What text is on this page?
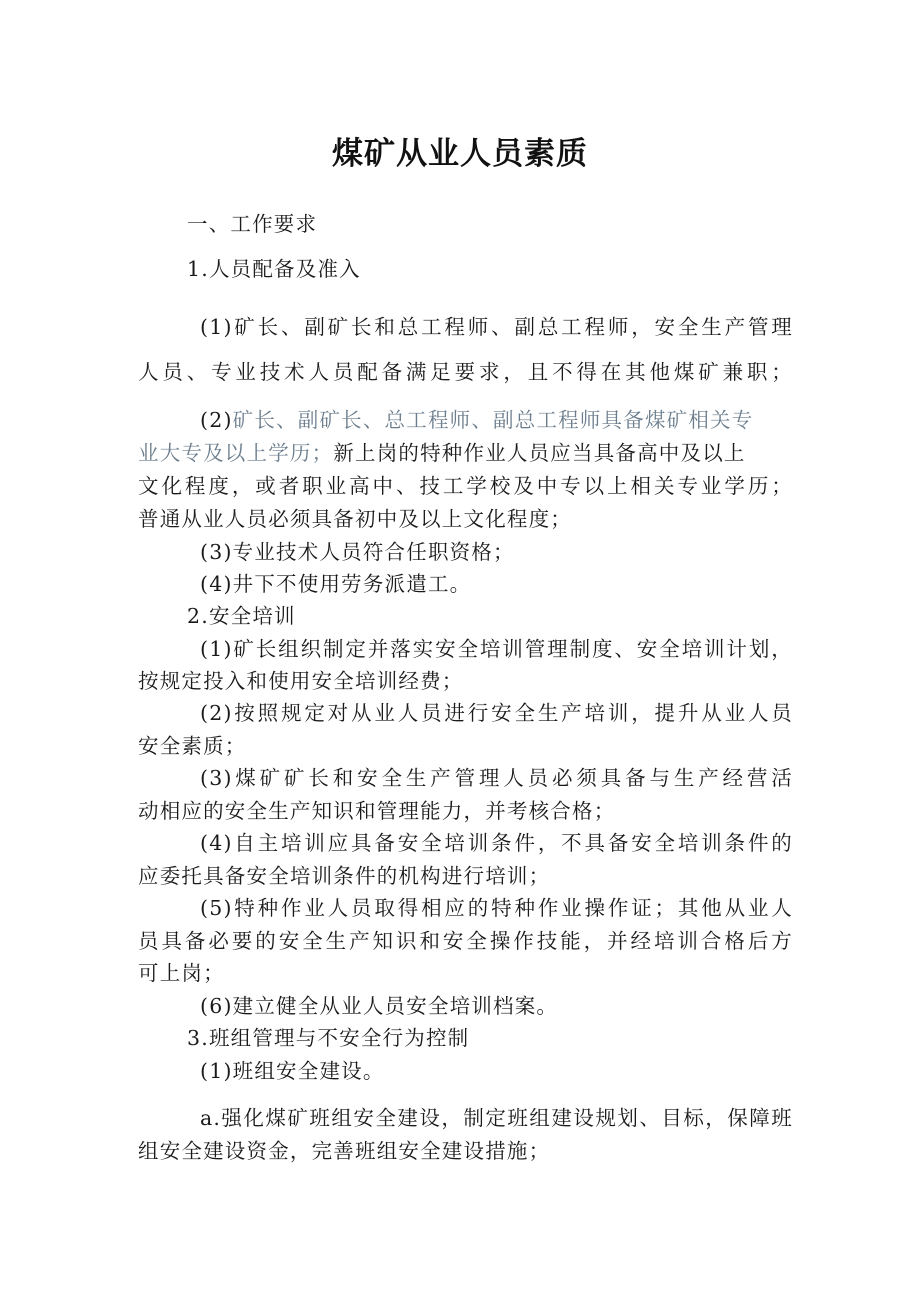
煤矿从业人员素质
一、工作要求
1.人员配备及准入
(1)矿长、副矿长和总工程师、副总工程师，安全生产管理
人员、专业技术人员配备满足要求，且不得在其他煤矿兼职；
(2)矿长、副矿长、总工程师、副总工程师具备煤矿相关专
业大专及以上学历；新上岗的特种作业人员应当具备高中及以上
文化程度，或者职业高中、技工学校及中专以上相关专业学历；
普通从业人员必须具备初中及以上文化程度；
(3)专业技术人员符合任职资格；
(4)井下不使用劳务派遣工。
2.安全培训
(1)矿长组织制定并落实安全培训管理制度、安全培训计划，
按规定投入和使用安全培训经费；
(2)按照规定对从业人员进行安全生产培训，提升从业人员
安全素质；
(3)煤矿矿长和安全生产管理人员必须具备与生产经营活
动相应的安全生产知识和管理能力，并考核合格；
(4)自主培训应具备安全培训条件，不具备安全培训条件的
应委托具备安全培训条件的机构进行培训；
(5)特种作业人员取得相应的特种作业操作证；其他从业人
员具备必要的安全生产知识和安全操作技能，并经培训合格后方
可上岗；
(6)建立健全从业人员安全培训档案。
3.班组管理与不安全行为控制
(1)班组安全建设。
a.强化煤矿班组安全建设，制定班组建设规划、目标，保障班
组安全建设资金，完善班组安全建设措施；
